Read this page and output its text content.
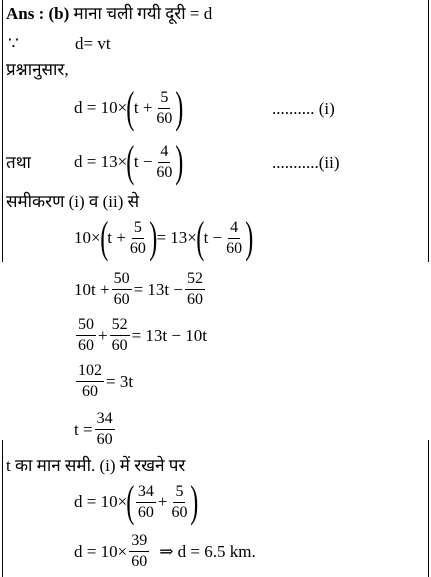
Ans : (b) माना चली गयी दूरी = d
∵	d= vt
प्रश्नानुसार,
d = 10× ( $t + \frac{5}{60}$ )	.......... (i)
तथा	d = 13× ( $t - \frac{4}{60}$ )	...........(ii)
समीकरण (i) व (ii) से
10× ( $t + \frac{5}{60}$ ) = 13× ( $t - \frac{4}{60}$ )
$10t + \frac{50}{60} = 13t - \frac{52}{60}$
$\frac{50}{60} + \frac{52}{60} = 13t - 10t$
$\frac{102}{60} = 3t$
$t = \frac{34}{60}$
t का मान समी. (i) में रखने पर
d = 10× ( $\frac{34}{60} + \frac{5}{60}$ )
$d = 10\times \frac{39}{60}$ ⇒ d = 6.5 km.
